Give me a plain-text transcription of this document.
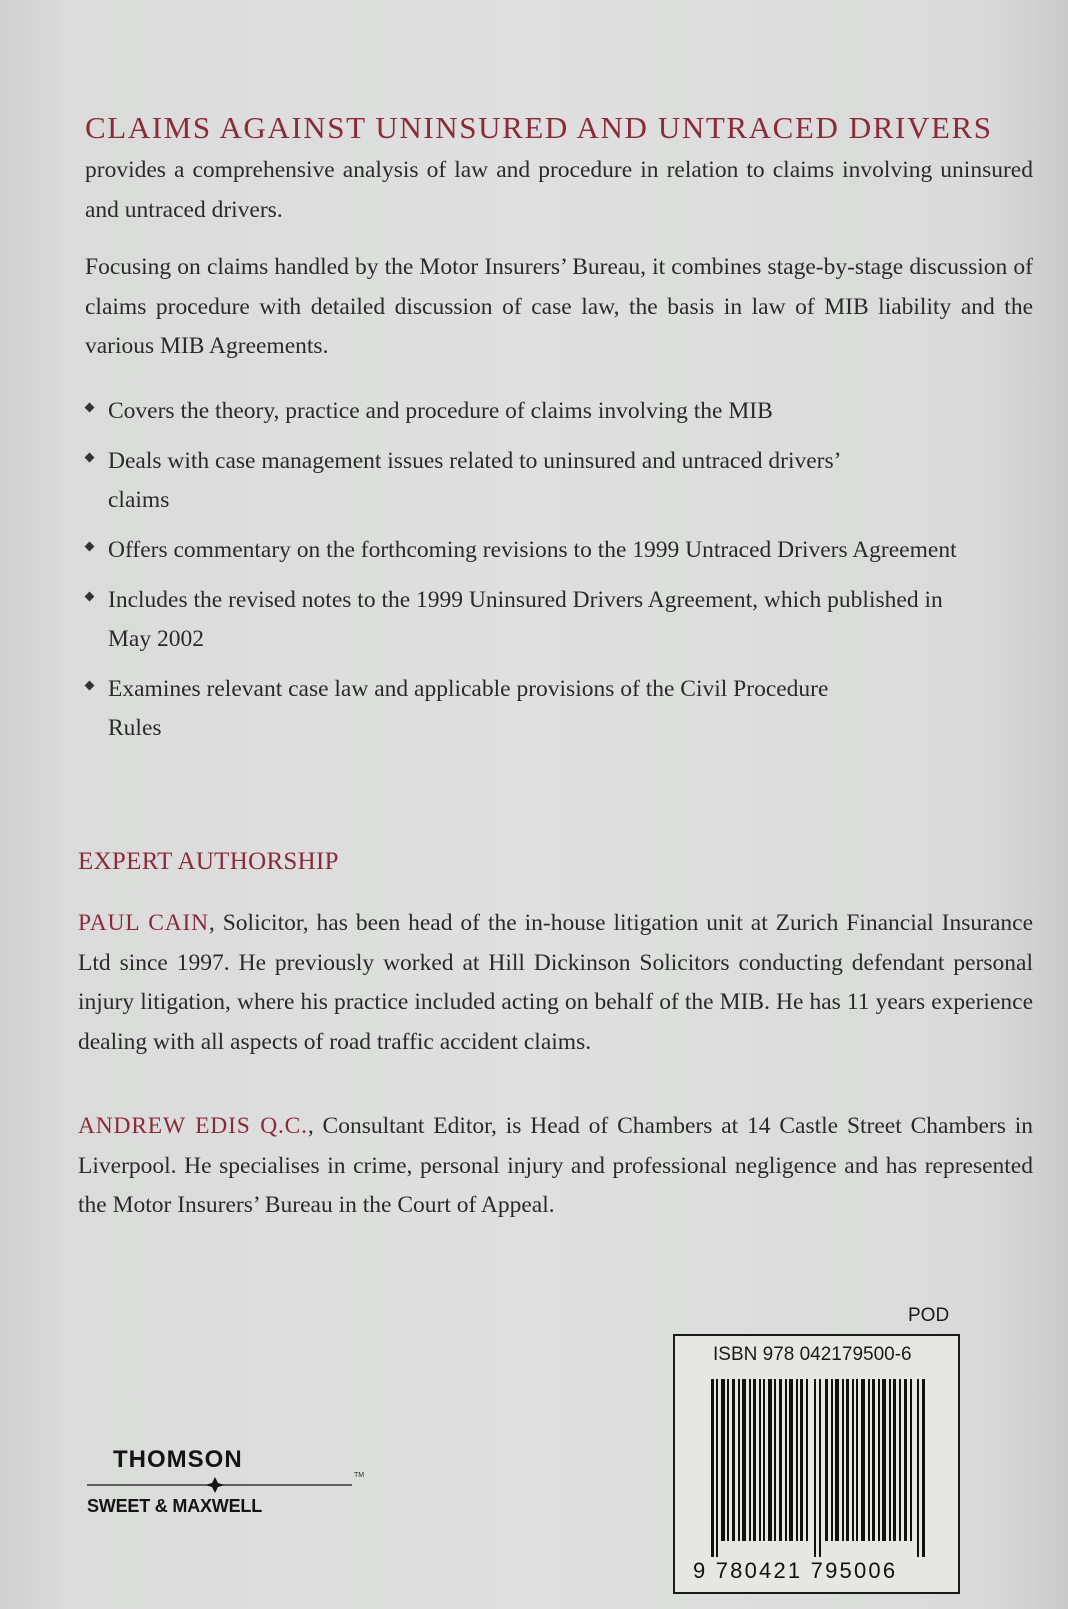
CLAIMS AGAINST UNINSURED AND UNTRACED DRIVERS

provides a comprehensive analysis of law and procedure in relation to claims involving uninsured and untraced drivers.

Focusing on claims handled by the Motor Insurers’ Bureau, it combines stage-by-stage discussion of claims procedure with detailed discussion of case law, the basis in law of MIB liability and the various MIB Agreements.

Covers the theory, practice and procedure of claims involving the MIB
Deals with case management issues related to uninsured and untraced drivers’ claims
Offers commentary on the forthcoming revisions to the 1999 Untraced Drivers Agreement
Includes the revised notes to the 1999 Uninsured Drivers Agreement, which published in May 2002
Examines relevant case law and applicable provisions of the Civil Procedure Rules
EXPERT AUTHORSHIP

PAUL CAIN, Solicitor, has been head of the in-house litigation unit at Zurich Financial Insurance Ltd since 1997. He previously worked at Hill Dickinson Solicitors conducting defendant personal injury litigation, where his practice included acting on behalf of the MIB. He has 11 years experience dealing with all aspects of road traffic accident claims.

ANDREW EDIS Q.C., Consultant Editor, is Head of Chambers at 14 Castle Street Chambers in Liverpool. He specialises in crime, personal injury and professional negligence and has represented the Motor Insurers’ Bureau in the Court of Appeal.

POD
ISBN 978 042179500-6
9 780421 795006
THOMSON
TM
SWEET & MAXWELL
